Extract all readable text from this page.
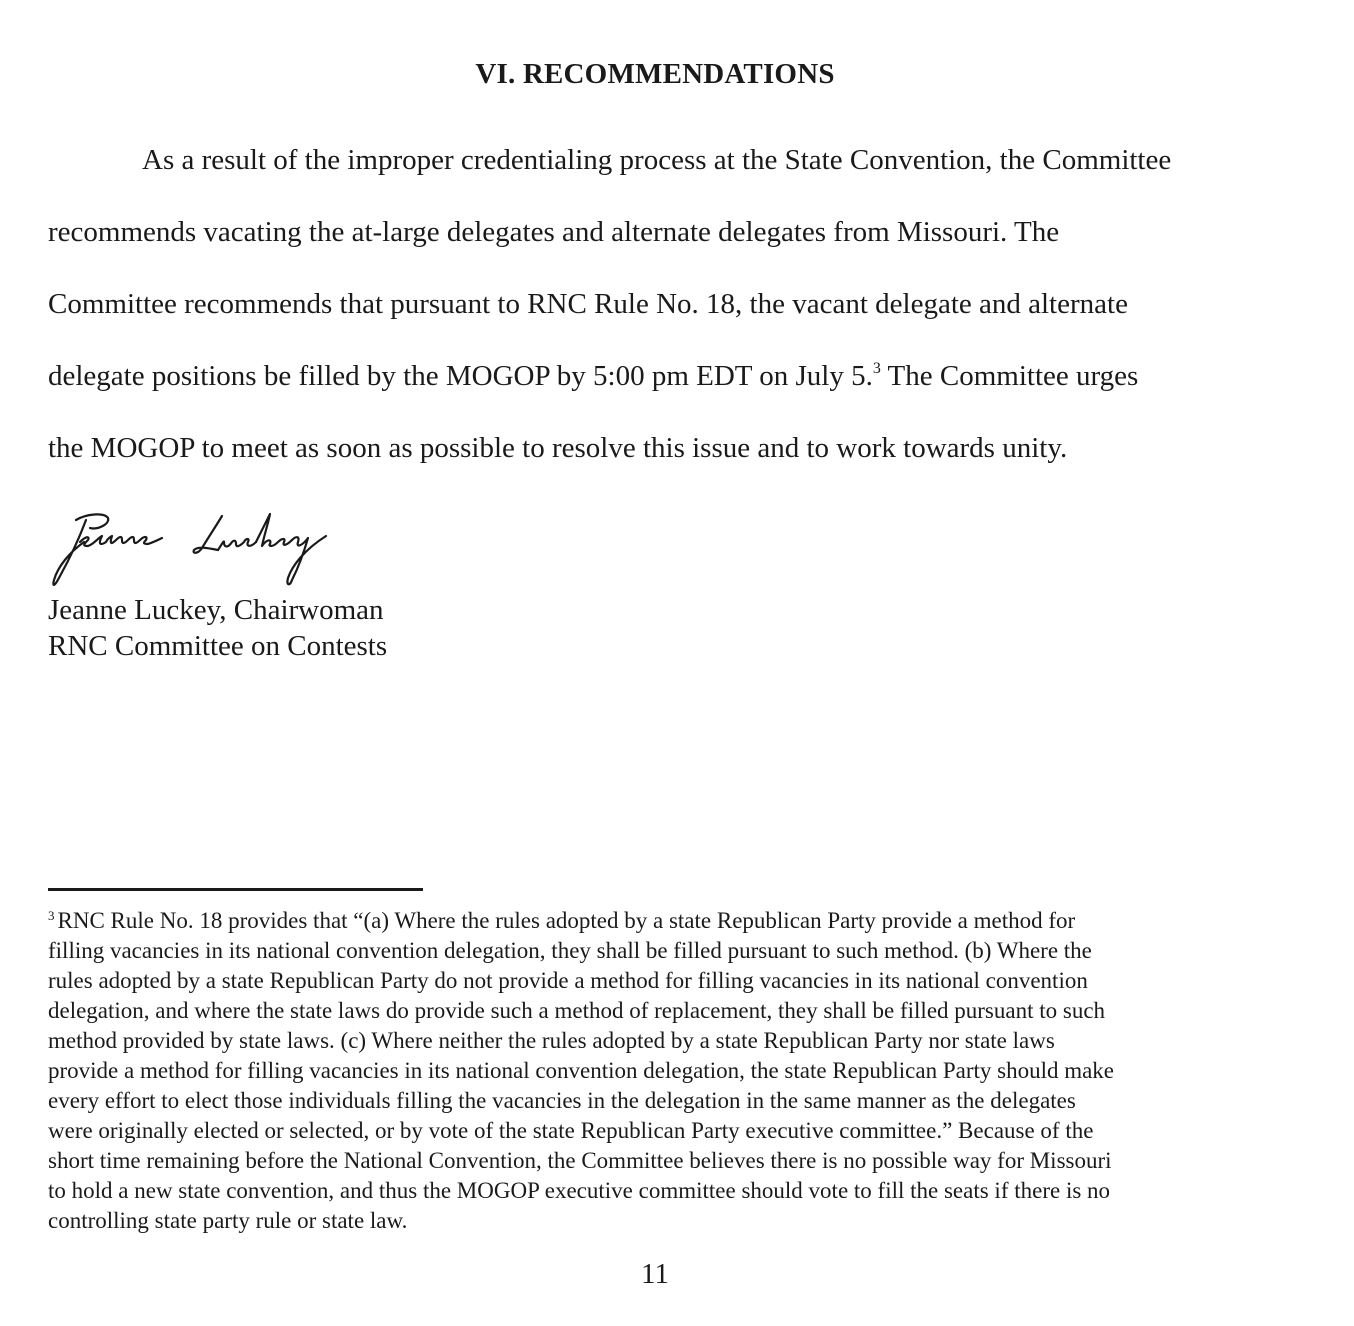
VI. RECOMMENDATIONS
As a result of the improper credentialing process at the State Convention, the Committee
recommends vacating the at-large delegates and alternate delegates from Missouri. The
Committee recommends that pursuant to RNC Rule No. 18, the vacant delegate and alternate
delegate positions be filled by the MOGOP by 5:00 pm EDT on July 5.$^3$ The Committee urges
the MOGOP to meet as soon as possible to resolve this issue and to work towards unity.
Jeanne Luckey, Chairwoman
RNC Committee on Contests
$^3$ RNC Rule No. 18 provides that “(a) Where the rules adopted by a state Republican Party provide a method for
filling vacancies in its national convention delegation, they shall be filled pursuant to such method. (b) Where the
rules adopted by a state Republican Party do not provide a method for filling vacancies in its national convention
delegation, and where the state laws do provide such a method of replacement, they shall be filled pursuant to such
method provided by state laws. (c) Where neither the rules adopted by a state Republican Party nor state laws
provide a method for filling vacancies in its national convention delegation, the state Republican Party should make
every effort to elect those individuals filling the vacancies in the delegation in the same manner as the delegates
were originally elected or selected, or by vote of the state Republican Party executive committee.” Because of the
short time remaining before the National Convention, the Committee believes there is no possible way for Missouri
to hold a new state convention, and thus the MOGOP executive committee should vote to fill the seats if there is no
controlling state party rule or state law.
11
